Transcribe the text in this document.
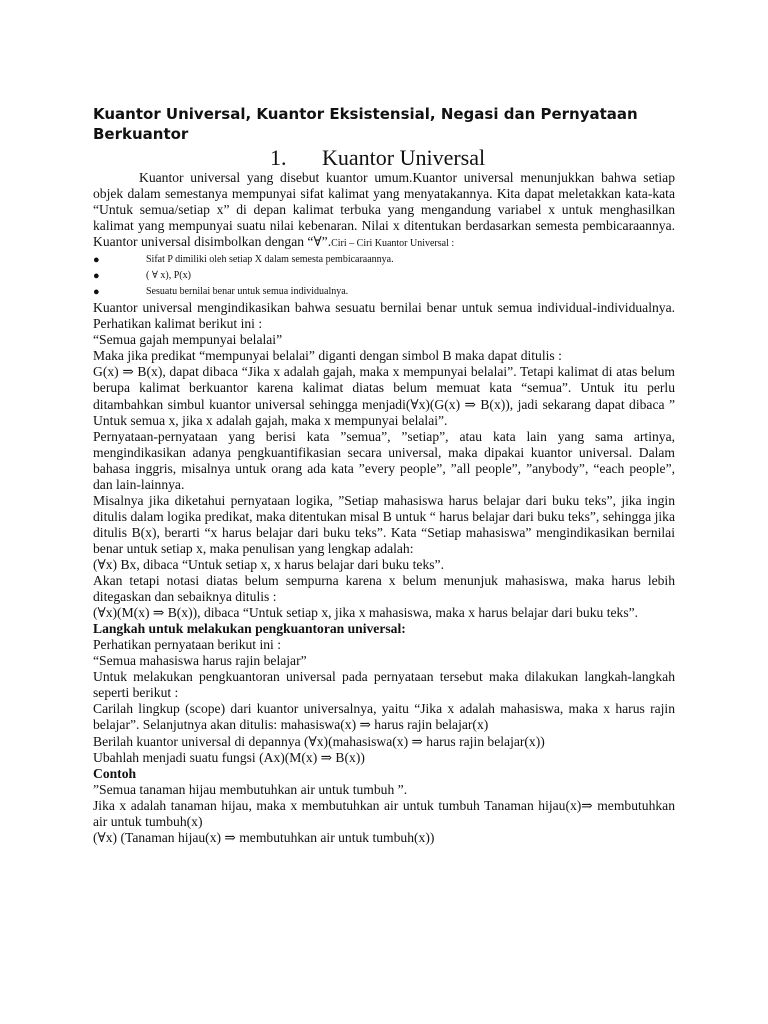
Kuantor Universal, Kuantor Eksistensial, Negasi dan Pernyataan Berkuantor
1. Kuantor Universal

Kuantor universal yang disebut kuantor umum.Kuantor universal menunjukkan bahwa setiap objek dalam semestanya mempunyai sifat kalimat yang menyatakannya. Kita dapat meletakkan kata-kata “Untuk semua/setiap x” di depan kalimat terbuka yang mengandung variabel x untuk menghasilkan kalimat yang mempunyai suatu nilai kebenaran. Nilai x ditentukan berdasarkan semesta pembicaraannya. Kuantor universal disimbolkan dengan “∀”.Ciri – Ciri Kuantor Universal :

●	Sifat P dimiliki oleh setiap X dalam semesta pembicaraannya.
●	( ∀ x), P(x)
●	Sesuatu bernilai benar untuk semua individualnya.

Kuantor universal mengindikasikan bahwa sesuatu bernilai benar untuk semua individual-individualnya. Perhatikan kalimat berikut ini :

“Semua gajah mempunyai belalai”

Maka jika predikat “mempunyai belalai” diganti dengan simbol B maka dapat ditulis :

G(x) ⇒ B(x), dapat dibaca “Jika x adalah gajah, maka x mempunyai belalai”. Tetapi kalimat di atas belum berupa kalimat berkuantor karena kalimat diatas belum memuat kata “semua”. Untuk itu perlu ditambahkan simbul kuantor universal sehingga menjadi(∀x)(G(x) ⇒ B(x)), jadi sekarang dapat dibaca ” Untuk semua x, jika x adalah gajah, maka x mempunyai belalai”.

Pernyataan-pernyataan yang berisi kata ”semua”, ”setiap”, atau kata lain yang sama artinya, mengindikasikan adanya pengkuantifikasian secara universal, maka dipakai kuantor universal. Dalam bahasa inggris, misalnya untuk orang ada kata ”every people”, ”all people”, ”anybody”, “each people”, dan lain-lainnya.

Misalnya jika diketahui pernyataan logika, ”Setiap mahasiswa harus belajar dari buku teks”, jika ingin ditulis dalam logika predikat, maka ditentukan misal B untuk “ harus belajar dari buku teks”, sehingga jika ditulis B(x), berarti “x harus belajar dari buku teks”. Kata “Setiap mahasiswa” mengindikasikan bernilai benar untuk setiap x, maka penulisan yang lengkap adalah:

(∀x) Bx, dibaca “Untuk setiap x, x harus belajar dari buku teks”.

Akan tetapi notasi diatas belum sempurna karena x belum menunjuk mahasiswa, maka harus lebih ditegaskan dan sebaiknya ditulis :

(∀x)(M(x) ⇒ B(x)), dibaca “Untuk setiap x, jika x mahasiswa, maka x harus belajar dari buku teks”.

Langkah untuk melakukan pengkuantoran universal:

Perhatikan pernyataan berikut ini :

“Semua mahasiswa harus rajin belajar”

Untuk melakukan pengkuantoran universal pada pernyataan tersebut maka dilakukan langkah-langkah seperti berikut :

Carilah lingkup (scope) dari kuantor universalnya, yaitu “Jika x adalah mahasiswa, maka x harus rajin belajar”. Selanjutnya akan ditulis: mahasiswa(x) ⇒ harus rajin belajar(x)

Berilah kuantor universal di depannya (∀x)(mahasiswa(x) ⇒ harus rajin belajar(x))

Ubahlah menjadi suatu fungsi (Ax)(M(x) ⇒ B(x))

Contoh

”Semua tanaman hijau membutuhkan air untuk tumbuh ”.

Jika x adalah tanaman hijau, maka x membutuhkan air untuk tumbuh Tanaman hijau(x)⇒ membutuhkan air untuk tumbuh(x)

(∀x) (Tanaman hijau(x) ⇒ membutuhkan air untuk tumbuh(x))
